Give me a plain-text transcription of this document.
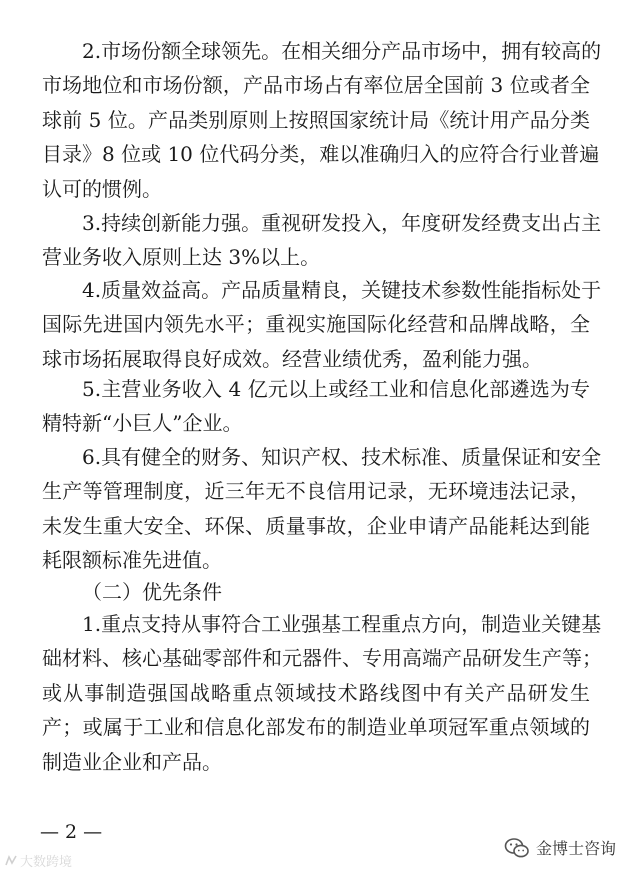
2.市场份额全球领先。在相关细分产品市场中，拥有较高的
市场地位和市场份额，产品市场占有率位居全国前 3 位或者全
球前 5 位。产品类别原则上按照国家统计局《统计用产品分类
目录》8 位或 10 位代码分类，难以准确归入的应符合行业普遍
认可的惯例。

3.持续创新能力强。重视研发投入，年度研发经费支出占主
营业务收入原则上达 3%以上。

4.质量效益高。产品质量精良，关键技术参数性能指标处于
国际先进国内领先水平；重视实施国际化经营和品牌战略，全
球市场拓展取得良好成效。经营业绩优秀，盈利能力强。

5.主营业务收入 4 亿元以上或经工业和信息化部遴选为专
精特新“小巨人”企业。

6.具有健全的财务、知识产权、技术标准、质量保证和安全
生产等管理制度，近三年无不良信用记录，无环境违法记录，
未发生重大安全、环保、质量事故，企业申请产品能耗达到能
耗限额标准先进值。

（二）优先条件

1.重点支持从事符合工业强基工程重点方向，制造业关键基
础材料、核心基础零部件和元器件、专用高端产品研发生产等；
或从事制造强国战略重点领域技术路线图中有关产品研发生
产；或属于工业和信息化部发布的制造业单项冠军重点领域的
制造业企业和产品。

— 2 —
大数跨境
金博士咨询
